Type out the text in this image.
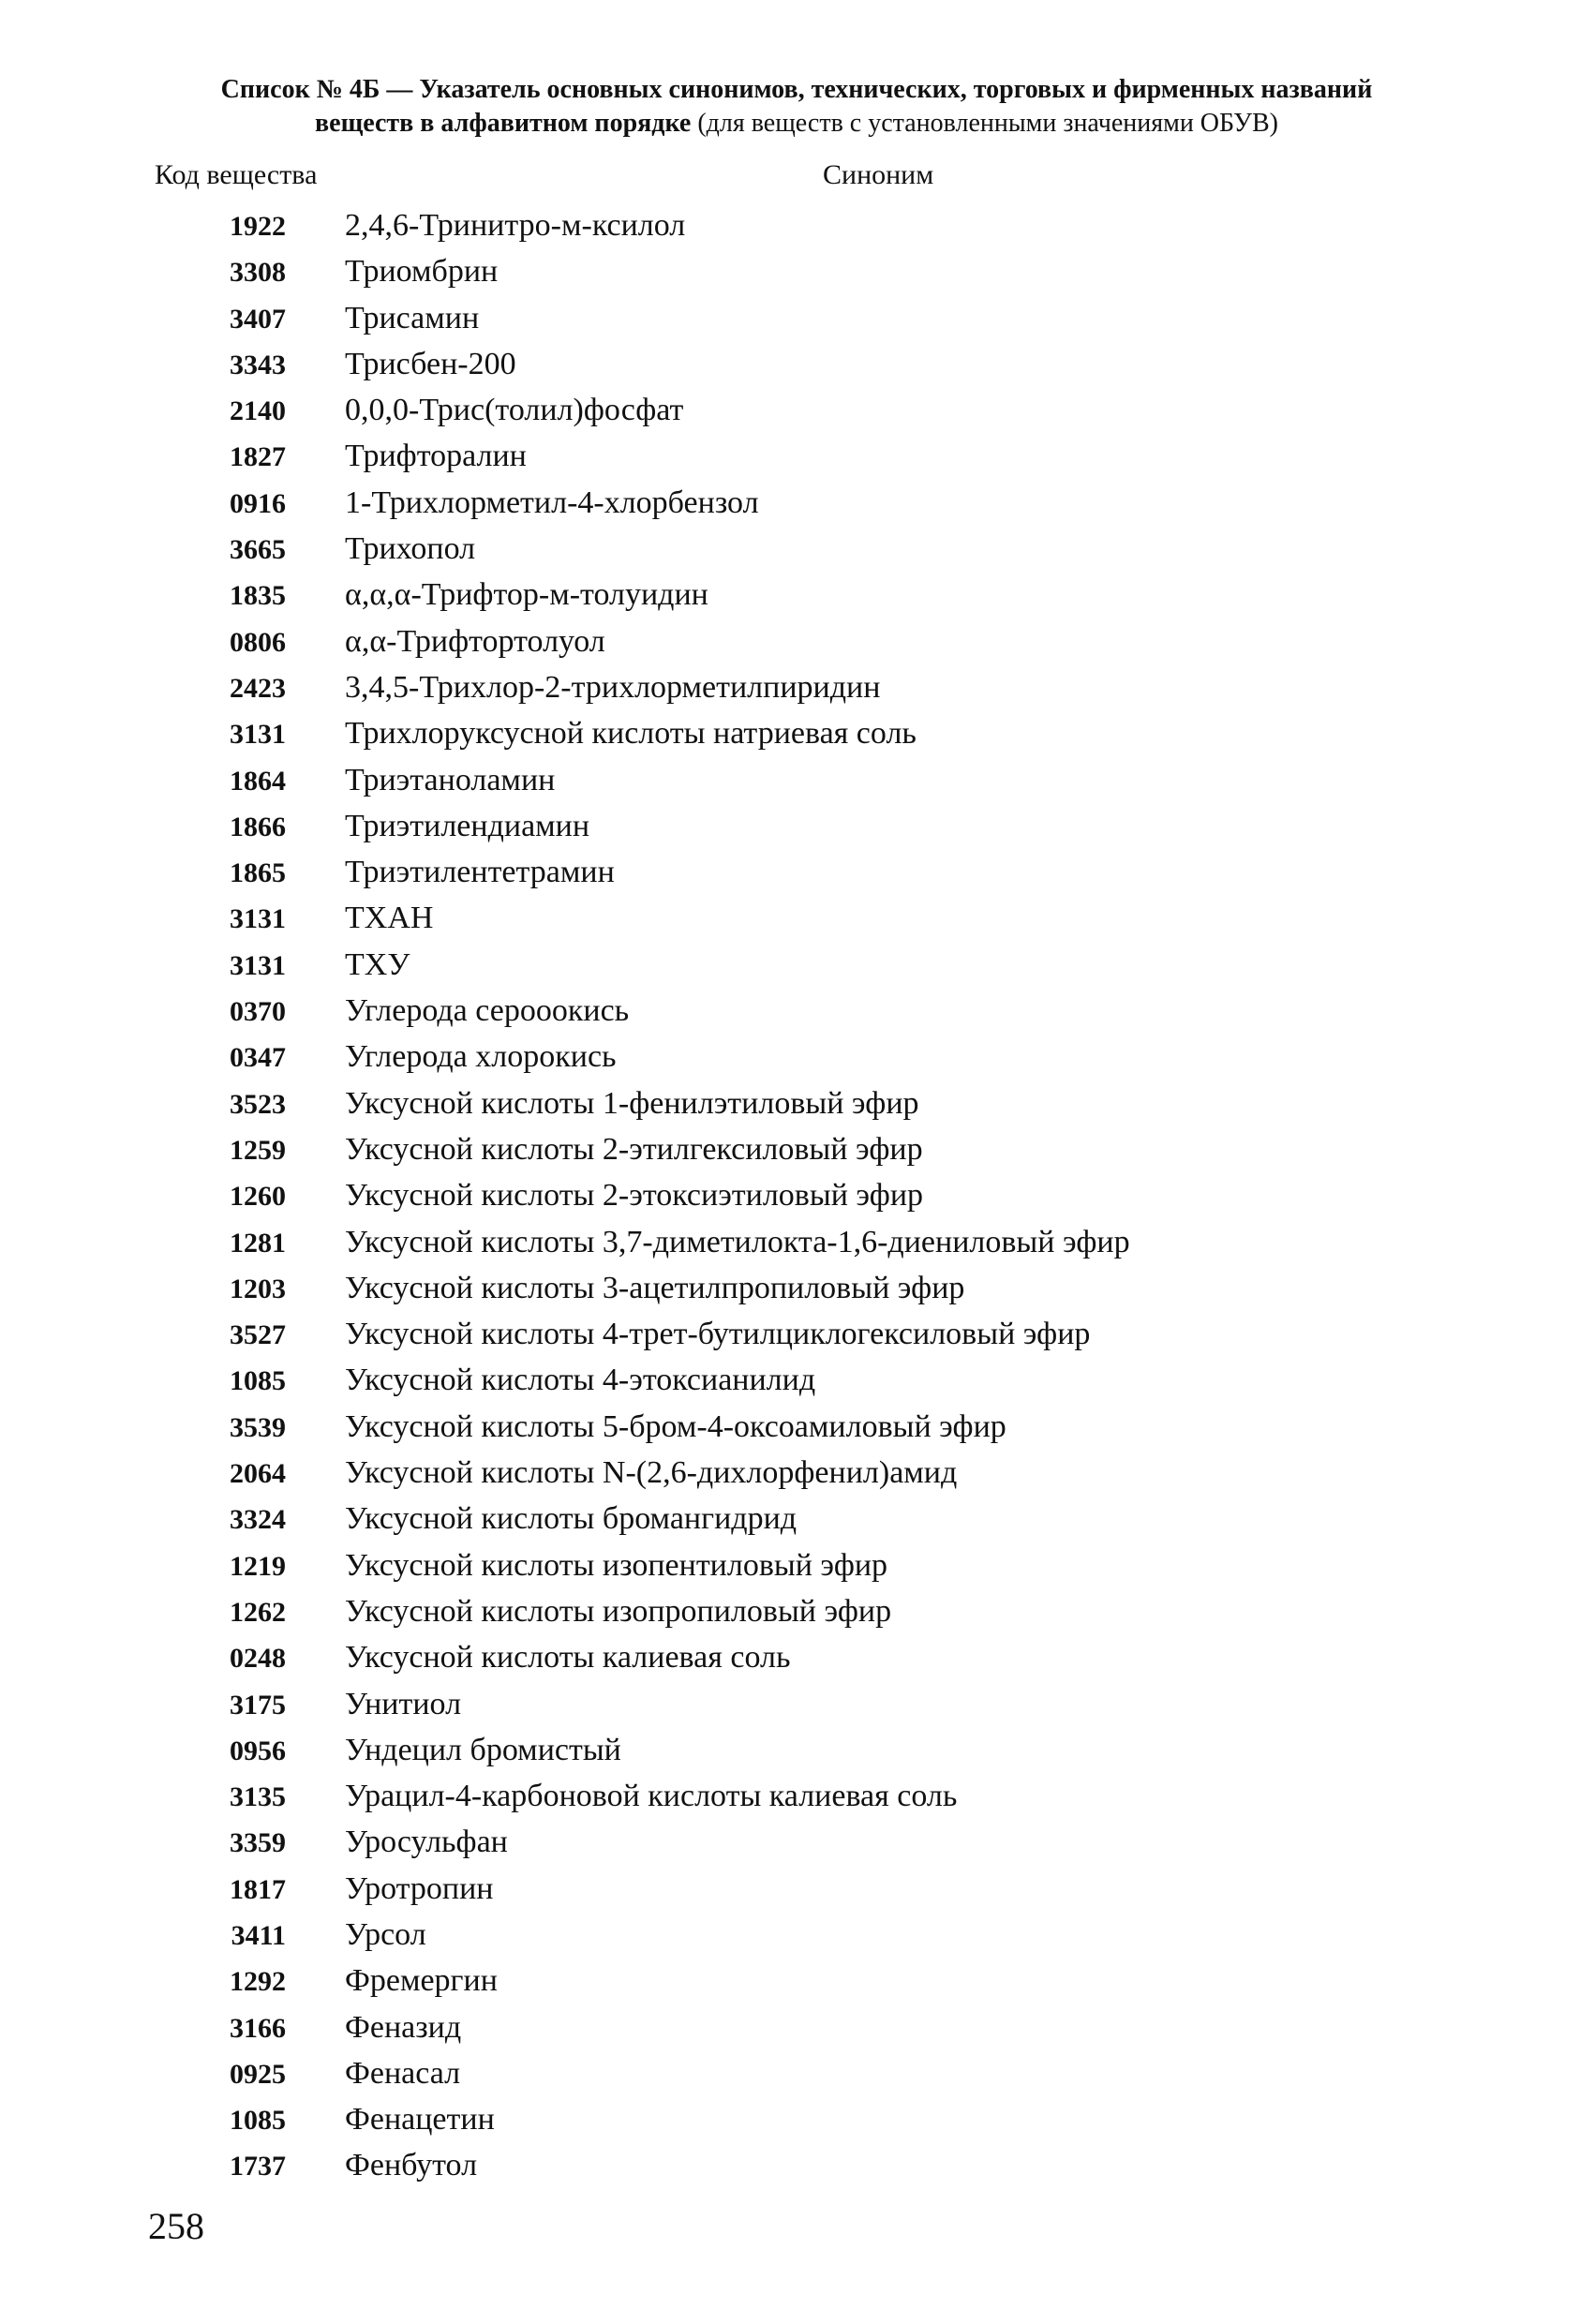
Список № 4Б — Указатель основных синонимов, технических, торговых и фирменных названий
веществ в алфавитном порядке (для веществ с установленными значениями ОБУВ)
Код вещества	Синоним
1922 2,4,6-Тринитро-м-ксилол
3308 Триомбрин
3407 Трисамин
3343 Трисбен-200
2140 0,0,0-Трис(толил)фосфат
1827 Трифторалин
0916 1-Трихлорметил-4-хлорбензол
3665 Трихопол
1835 α,α,α-Трифтор-м-толуидин
0806 α,α-Трифтортолуол
2423 3,4,5-Трихлор-2-трихлорметилпиридин
3131 Трихлоруксусной кислоты натриевая соль
1864 Триэтаноламин
1866 Триэтилендиамин
1865 Триэтилентетрамин
3131 ТХАН
3131 ТХУ
0370 Углерода серооокись
0347 Углерода хлорокись
3523 Уксусной кислоты 1-фенилэтиловый эфир
1259 Уксусной кислоты 2-этилгексиловый эфир
1260 Уксусной кислоты 2-этоксиэтиловый эфир
1281 Уксусной кислоты 3,7-диметилокта-1,6-диениловый эфир
1203 Уксусной кислоты 3-ацетилпропиловый эфир
3527 Уксусной кислоты 4-трет-бутилциклогексиловый эфир
1085 Уксусной кислоты 4-этоксианилид
3539 Уксусной кислоты 5-бром-4-оксоамиловый эфир
2064 Уксусной кислоты N-(2,6-дихлорфенил)амид
3324 Уксусной кислоты бромангидрид
1219 Уксусной кислоты изопентиловый эфир
1262 Уксусной кислоты изопропиловый эфир
0248 Уксусной кислоты калиевая соль
3175 Унитиол
0956 Ундецил бромистый
3135 Урацил-4-карбоновой кислоты калиевая соль
3359 Уросульфан
1817 Уротропин
3411 Урсол
1292 Фремергин
3166 Феназид
0925 Фенасал
1085 Фенацетин
1737 Фенбутол
258
